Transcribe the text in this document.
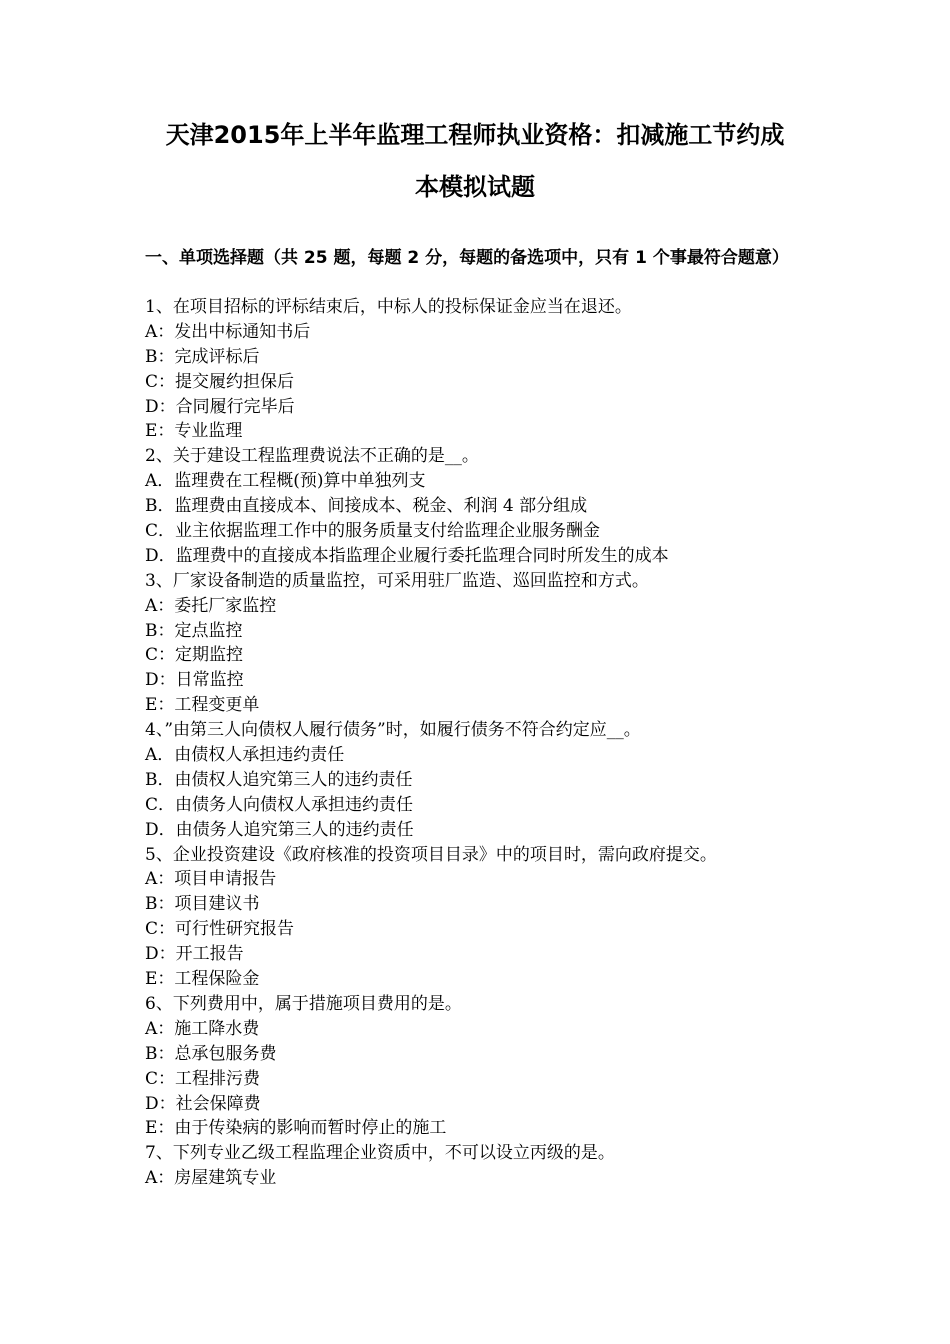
天津2015年上半年监理工程师执业资格：扣减施工节约成
本模拟试题
一、单项选择题（共 25 题，每题 2 分，每题的备选项中，只有 1 个事最符合题意）
1、在项目招标的评标结束后，中标人的投标保证金应当在退还。
A：发出中标通知书后
B：完成评标后
C：提交履约担保后
D：合同履行完毕后
E：专业监理
2、关于建设工程监理费说法不正确的是__。
A．监理费在工程概(预)算中单独列支
B．监理费由直接成本、间接成本、税金、利润 4 部分组成
C．业主依据监理工作中的服务质量支付给监理企业服务酬金
D．监理费中的直接成本指监理企业履行委托监理合同时所发生的成本
3、厂家设备制造的质量监控，可采用驻厂监造、巡回监控和方式。
A：委托厂家监控
B：定点监控
C：定期监控
D：日常监控
E：工程变更单
4、”由第三人向债权人履行债务”时，如履行债务不符合约定应__。
A．由债权人承担违约责任
B．由债权人追究第三人的违约责任
C．由债务人向债权人承担违约责任
D．由债务人追究第三人的违约责任
5、企业投资建设《政府核准的投资项目目录》中的项目时，需向政府提交。
A：项目申请报告
B：项目建议书
C：可行性研究报告
D：开工报告
E：工程保险金
6、下列费用中，属于措施项目费用的是。
A：施工降水费
B：总承包服务费
C：工程排污费
D：社会保障费
E：由于传染病的影响而暂时停止的施工
7、下列专业乙级工程监理企业资质中，不可以设立丙级的是。
A：房屋建筑专业
